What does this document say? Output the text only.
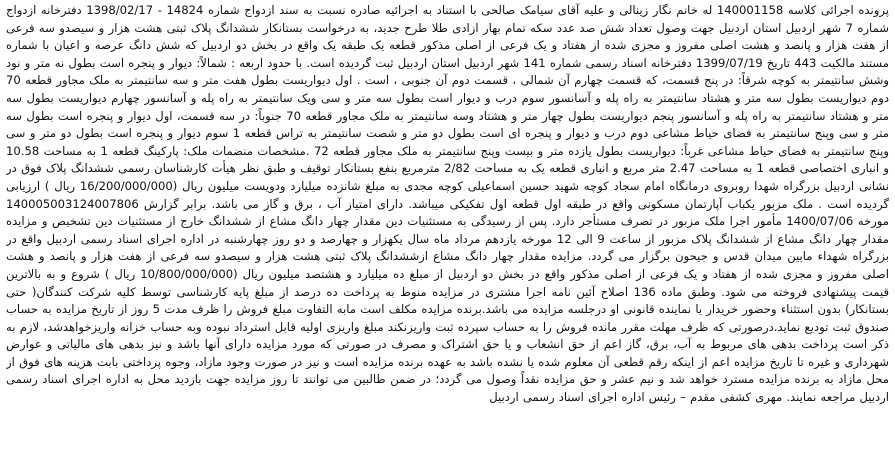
پرونده اجرائی کلاسه 140001158 له خانم نگار زینالی و علیه آقای سیامک صالحی با استناد به اجرائیه صادره نسبت به سند ازدواج شماره 14824 - 1398/02/17 دفترخانه ازدواج شماره 7 شهر اردبیل استان اردبیل جهت وصول تعداد شش صد عدد سکه تمام بهار ازادی طلا طرح جدید، به درخواست بستانکار ششدانگ پلاک ثبتی هشت هزار و سیصدو سه فرعی از هفت هزار و پانصد و هشت اصلی مفروز و مجزی شده از هفتاد و یک فرعی از اصلی مذکور قطعه یک طبقه یک واقع در بخش دو اردبیل که شش دانگ عرصه و اعیان با شماره مستند مالکیت 443 تاریخ 1399/07/19 دفترخانه اسناد رسمی شماره 141 شهر اردبیل استان اردبیل ثبت گردیده است. با حدود اربعه : شمالاً: دیوار و پنجره است بطول نه متر و نود وشش سانتیمتر به کوچه شرقاً: در پنج قسمت، که قسمت چهارم آن شمالی ، قسمت دوم آن جنوبی ، است . اول دیواریست بطول هفت متر و سه سانتیمتر به ملک مجاور قطعه 70 دوم دیواریست بطول سه متر و هشتاد سانتیمتر به راه پله و آسانسور سوم درب و دیوار است بطول سه متر و سی ویک سانتیمتر به راه پله و آسانسور چهارم دیواریست بطول سه متر و هشتاد سانتیمتر به راه پله و آسانسور پنجم دیواریست بطول چهار متر و هشتاد وسه سانتیمتر به ملک مجاور قطعه 70 جنوباً: در سه قسمت، اول دیوار و پنجره است بطول سه متر و سی وپنج سانتیمتر به فضای حیاط مشاعی دوم درب و دیوار و پنجره ای است بطول دو متر و شصت سانتیمتر به تراس قطعه 1 سوم دیوار و پنجره است بطول دو متر و سی وپنج سانتیمتر به فضای حیاط مشاعی غرباً: دیواریست بطول یازده متر و بیست وپنج سانتیمتر به ملک مجاور قطعه 72 .مشخصات منضمات ملک: پارکینگ قطعه 1 به مساحت 10.58 و انباری اختصاصی قطعه 1 به مساحت 2.47 متر مربع و انباری قطعه یک به مساحت 2/82 مترمربع بنفع بستانکار توقیف و طبق نظر هیأت کارشناسان رسمی ششدانگ پلاک فوق در نشانی اردبیل بزرگراه شهدا روبروی درمانگاه امام سجاد کوچه شهید حسین اسماعیلی کوچه مجدی به مبلغ شانزده میلیارد ودویست میلیون ریال (16/200/000/000 ریال ) ارزیابی گردیده است . ملک مزبور یکباب آپارتمان مسکونی واقع در طبقه اول قطعه اول تفکیکی میباشد. دارای امتیاز آب ، برق و گاز می باشد. برابر گزارش 140005003124007806 مورخه 1400/07/06 مأمور اجرا ملک مزبور در تصرف مستأجر دارد. پس از رسیدگی به مستثنیات دین مقدار چهار دانگ مشاع از ششدانگ خارج از مستثنیات دین تشخیص و مزایده مقدار چهار دانگ مشاع از ششدانگ پلاک مزبور از ساعت 9 الی 12 مورخه یازدهم مرداد ماه سال یکهزار و چهارصد و دو روز چهارشنبه در اداره اجرای اسناد رسمی اردبیل واقع در بزرگراه شهداء مابین میدان قدس و جیحون برگزار می گردد. مزایده مقدار چهار دانگ مشاع ازششدانگ پلاک ثبتی هشت هزار و سیصدو سه فرعی از هفت هزار و پانصد و هشت اصلی مفروز و مجزی شده از هفتاد و یک فرعی از اصلی مذکور واقع در بخش دو اردبیل از مبلغ ده میلیارد و هشتصد میلیون ریال (10/800/000/000 ریال ) شروع و به بالاترین قیمت پیشنهادی فروخته می شود. وطبق ماده 136 اصلاح آئین نامه اجرا مشتری در مزایده منوط به پرداخت ده درصد از مبلغ پایه کارشناسی توسط کلیه شرکت کنندگان( حتی بستانکار) بدون استثناء وحضور خریدار یا نماینده قانونی او درجلسه مزایده می باشد.برنده مزایده مکلف است مابه التفاوت مبلغ فروش را ظرف مدت 5 روز از تاریخ مزایده به حساب صندوق ثبت تودیع نماید.درصورتی که ظرف مهلت مقرر مانده فروش را به حساب سپرده ثبت واریزنکند مبلغ واریزی اولیه قابل استرداد نبوده وبه حساب خزانه واریزخواهدشد، لازم به ذکر است پرداخت بدهی های مربوط به آب، برق، گاز اعم از حق انشعاب و یا حق اشتراک و مصرف در صورتی که مورد مزایده دارای آنها باشد و نیز بدهی های مالیاتی و عوارض شهرداری و غیره تا تاریخ مزایده اعم از اینکه رقم قطعی آن معلوم شده یا نشده باشد به عهده برنده مزایده است و نیز در صورت وجود مازاد، وجوه پرداختی بابت هزینه های فوق از محل مازاد به برنده مزایده مسترد خواهد شد و نیم عشر و حق مزایده نقداً وصول می گردد؛ در ضمن طالبین می توانند تا روز مزایده جهت بازدید محل به اداره اجرای اسناد رسمی اردبیل مراجعه نمایند. مهری کشفی مقدم – رئیس اداره اجرای اسناد رسمی اردبیل
